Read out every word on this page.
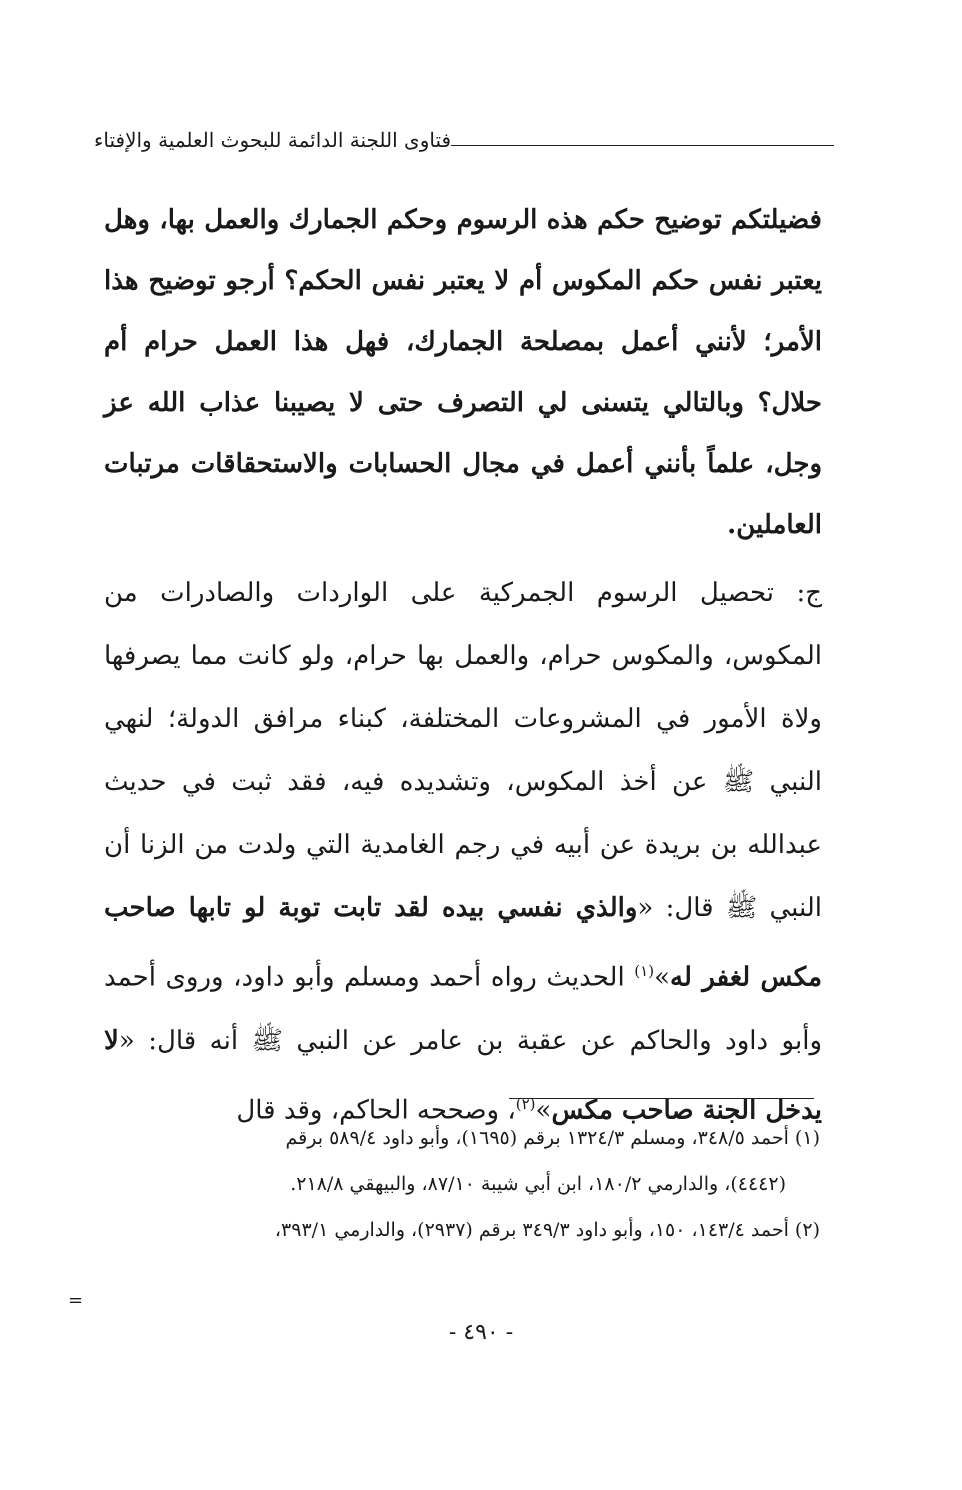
فتاوى اللجنة الدائمة للبحوث العلمية والإفتاء

فضيلتكم توضيح حكم هذه الرسوم وحكم الجمارك والعمل بها، وهل يعتبر نفس حكم المكوس أم لا يعتبر نفس الحكم؟ أرجو توضيح هذا الأمر؛ لأنني أعمل بمصلحة الجمارك، فهل هذا العمل حرام أم حلال؟ وبالتالي يتسنى لي التصرف حتى لا يصيبنا عذاب الله عز وجل، علماً بأنني أعمل في مجال الحسابات والاستحقاقات مرتبات العاملين.

ج: تحصيل الرسوم الجمركية على الواردات والصادرات من المكوس، والمكوس حرام، والعمل بها حرام، ولو كانت مما يصرفها ولاة الأمور في المشروعات المختلفة، كبناء مرافق الدولة؛ لنهي النبي ﷺ عن أخذ المكوس، وتشديده فيه، فقد ثبت في حديث عبدالله بن بريدة عن أبيه في رجم الغامدية التي ولدت من الزنا أن النبي ﷺ قال: «والذي نفسي بيده لقد تابت توبة لو تابها صاحب مكس لغفر له»$^{(١)}$ الحديث رواه أحمد ومسلم وأبو داود، وروى أحمد وأبو داود والحاكم عن عقبة بن عامر عن النبي ﷺ أنه قال: «لا يدخل الجنة صاحب مكس»$^{(٢)}$، وصححه الحاكم، وقد قال

(١) أحمد ٣٤٨/٥، ومسلم ١٣٢٤/٣ برقم (١٦٩٥)، وأبو داود ٥٨٩/٤ برقم

(٤٤٤٢)، والدارمي ١٨٠/٢، ابن أبي شيبة ٨٧/١٠، والبيهقي ٢١٨/٨.

(٢) أحمد ١٤٣/٤، ١٥٠، وأبو داود ٣٤٩/٣ برقم (٢٩٣٧)، والدارمي ٣٩٣/١،

=
- ٤٩٠ -
